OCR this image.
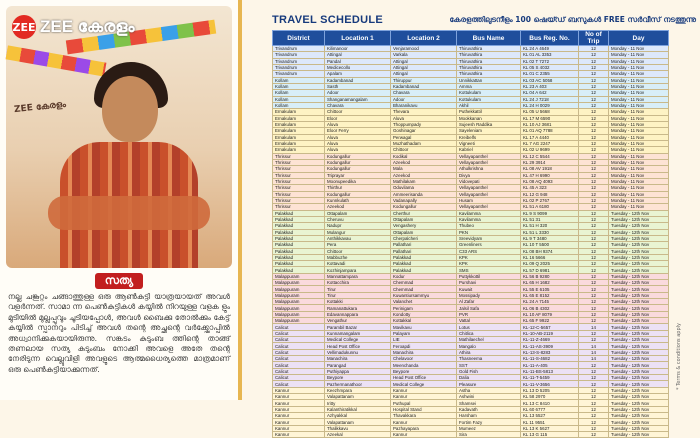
ZEE കേരളം
ZEE ZEE കേരളം
സത്യ
നല്ല ചങ്കൂറ്റം ചങ്ങാത്തുള്ള ഒരു ആൺകുട്ടി യാത്രയായത് അവൾ വളർന്നത്. സാമാ ന്ന പെൺകുട്ടികൾ കയ്യിൽ നിറയുള്ള വളക ളും മുടിയിൽ മുല്ലപ്പൂവും ചൂടിയപ്പോൾ, അവൾ ബൈക്കു തോൽക്കും കേട്ട് കയ്യിൽ സ്പാനറും പിടിച്ച് അവൾ തന്റെ അച്ഛന്റെ വർക്ക്ഷോപ്പിൽ അധ്വാനിക്കുകയായിരുന്നു. സങ്കടം കുടുംബ ത്തിന്റെ താങ്ങ് തണലായ സത്യ കുടുംബം നോക്കി അവളെ അതേ തന്റെ നേരിടുന്ന വെല്ലുവിളി അവളുടെ ആത്മധൈര്യത്തെ മാത്രമാണ് ഒരു പെൺകുട്ടിയാക്കുന്നത്.
TRAVEL SCHEDULE	കേരളത്തിലുടനീളം 100 ഷെയ്ഡ് ബസുകൾ FREE സർവീസ് നടത്തുന്നു
District	Location 1	Location 2	Bus Name	Bus Reg. No.	No of Trip	Day
Trivandrum	Kilimanoor	Venjaramood	Thiruvathira	KL 24 A 4649	12	Monday - 11 Nov
Trivandrum	Attingal	Varkala	Thiruvathira	KL 01 AL 3353	12	Monday - 11 Nov
Trivandrum	Pandal	Attingal	Thiruvathira	KL 02 T 7272	12	Monday - 11 Nov
Trivandrum	Medicecollo	Attingal	Thiruvathira	KL 05 S 4032	12	Monday - 11 Nov
Trivandrum	Apalam	Attingal	Thiruvathira	KL 01 C 2355	12	Monday - 11 Nov
Kollam	Kadambanad	Thiruppur	Unnikkattan	KL 03 AC 5058	12	Monday - 11 Nov
Kollam	Sasth	Kadambanad	Amma	KL 23 A 403	12	Monday - 11 Nov
Kollam	Adoor	Chavara	Kottukulam	KL 04 A 642	12	Monday - 11 Nov
Kollam	Shanganamangalam	Adoor	Kottukulam	KL 24 J 7218	12	Monday - 11 Nov
Kollam	Chavara	Bharanikavu	Akhil	KL 24 H 0029	12	Monday - 11 Nov
Ernakulam	Chittoor	Thevara	Puthekkattil	KL 05 U 5668	12	Monday - 11 Nov
Ernakulam	Eloor	Aluva	Mookkanan	KL 17 M 6590	12	Monday - 11 Nov
Ernakulam	Aluva	Thoppumpady	Sujeesh Raddika	KL 10 AJ 3681	12	Monday - 11 Nov
Ernakulam	Eloor Ferry	Goshinagar	Sayeleniam	KL 01 AQ 7788	12	Monday - 11 Nov
Ernakulam	Aluva	Perwagal	Kreibelfs	KL 17 A 4440	12	Monday - 11 Nov
Ernakulam	Aluva	Muzhathadam	Vigneeti	KL 7 AG 2247	12	Monday - 11 Nov
Ernakulam	Aluva	Chittoor	Kabriel	KL 02 U 9699	12	Monday - 11 Nov
Thrissur	Kodungallur	Kodikal	Vellayapanthel	KL 12 C 5544	12	Monday - 11 Nov
Thrissur	Kodungallur	Azeekod	Vellayapanthel	KL 29 3914	12	Monday - 11 Nov
Thrissur	Kodungallur	Mala	Athulkrishna	KL 08 AV 1918	12	Monday - 11 Nov
Thrissur	Triprayar	Azeekod	Divya	KL 47 H 6990	12	Monday - 11 Nov
Thrissur	Moonupeedika	Mathilakam	Vidovepati	KL 08 AQ 4093	12	Monday - 11 Nov
Thrissur	Thirthur	Oduvilama	Vellayapanthel	KL 45 A 323	12	Monday - 11 Nov
Thrissur	Kodungallur	Ammeerisanda	Vellayapanthel	KL 12 G 948	12	Monday - 11 Nov
Thrissur	Kunnkulath	Vadanapally	Husam	KL 02 P 2767	12	Monday - 11 Nov
Thrissur	Azeekod	Kodungallur	Vellayapanthel	KL 51 A 6180	12	Monday - 11 Nov
Palakkad	Ottapalam	Cherthur	Kavilamma	KL 9 S 9099	12	Tuesday - 12th Nov
Palakkad	Cheruvu	Ottapalam	Kavilamma	KL 51 31	12	Tuesday - 12th Nov
Palakkad	Nadupr	Vengashery	Thubeo	KL 51 H 320	12	Tuesday - 12th Nov
Palakkad	Mulangur	Ottapalam	PKN	KL 51 L 3330	12	Tuesday - 12th Nov
Palakkad	Anthikkavau	Cherpalcheri	Sreevidyam	KL 9 T 3480	12	Tuesday - 12th Nov
Palakkad	Pera	Pallathari	Greenliners	KL 10 T 5500	12	Tuesday - 12th Nov
Palakkad	Chittoor	Pallathari	C33 ARS	KL 08 BH 9374	12	Tuesday - 12th Nov
Palakkad	Mabbuzhe	Palakkad	KPK	KL 16 5666	12	Tuesday - 12th Nov
Palakkad	Kottavadi	Palakkad	KPK	KL 09 Q 2025	12	Tuesday - 12th Nov
Palakkad	Kozhinjampara	Palakkad	SMS	KL 57 D 6981	12	Tuesday - 12th Nov
Malappuram	Mannattampara	Kodur	Puttykkottil	KL 56 B 9280	12	Tuesday - 12th Nov
Malappuram	Kottacchira	Chemmad	Purshavi	KL 65 H 1682	12	Tuesday - 12th Nov
Malappuram	Tirur	Chemmad	Kuwait	KL 55 E 6105	12	Tuesday - 12th Nov
Malappuram	Tirur	Kuwantiursammyu	Mossipady	KL 65 E 8152	12	Tuesday - 12th Nov
Malappuram	Kottakki	Valanchet	Al Zafar	KL 24 A 7145	12	Tuesday - 12th Nov
Malappuram	Ramanattukara	Perinigam	Jalsil Safa	KL 06 B 4302	12	Tuesday - 12th Nov
Malappuram	Edavannappara	Kondotty	PVR	KL 10 AF 8079	12	Tuesday - 12th Nov
Malappuram	Vengathur	Kottakkal	Vattal	KL 65 F 9922	12	Tuesday - 12th Nov
Calicut	Parambil Bazar	Mavikavu	Lotus	KL-12-C-5657	14	Tuesday - 12th Nov
Calicut	Kunnamangalam	Palayam	Chitlica	KL-10-AB-2119	12	Tuesday - 12th Nov
Calicut	Medical College	LIE	Mathilaechel	KL-11-Z-4669	12	Tuesday - 12th Nov
Calicut	Head Post Office	Feroapdi	Mangalo	KL-11-AS-3909	14	Tuesday - 12th Nov
Calicut	Vellimadukunnu	Manachira	Athira	KL-13-S-8283	14	Tuesday - 12th Nov
Calicut	Manachira	Chelavoor	Thasneema	KL-11-S-4682	14	Tuesday - 12th Nov
Calicut	Parangad	Meenchanda	SST	KL-11-A-405	12	Tuesday - 12th Nov
Calicut	Puthiyappa	Beypore	Gold Fish	KL-11-BS-5813	12	Tuesday - 12th Nov
Calicut	Beypore	Head Post Office	Dalia	KL-11-T-5459	12	Tuesday - 12th Nov
Calicut	Pazhermanathoor	Medical College	Pleasure	KL-11-V-3656	12	Tuesday - 12th Nov
Kannur	Keezhmpara	Kannur	Astha	KL 13 D 5205	12	Tuesday - 12th Nov
Kannur	Valapattanam	Kannur	Ashwini	KL 58 2970	12	Tuesday - 12th Nov
Kannur	Iritty	Puthupal	Shamsei	KL 13 C 8410	12	Tuesday - 12th Nov
Kannur	Kalanthiratikkal	Hospital Stand	Kadavath	KL 60 6777	12	Tuesday - 12th Nov
Kannur	Azhyakkal	Thavakkara	Harsham	KL 13 5527	12	Tuesday - 12th Nov
Kannur	Valapattanam	Kannur	Fortim Fazy	KL 11 9551	12	Tuesday - 12th Nov
Kannur	Thalikkavu	Pazhayapara	Mumeez	KL 13 K 5627	12	Tuesday - 12th Nov
Kannur	Azeekal	Kannur	Sira	KL 13 G 115	12	Tuesday - 12th Nov
* Terms & conditions apply
